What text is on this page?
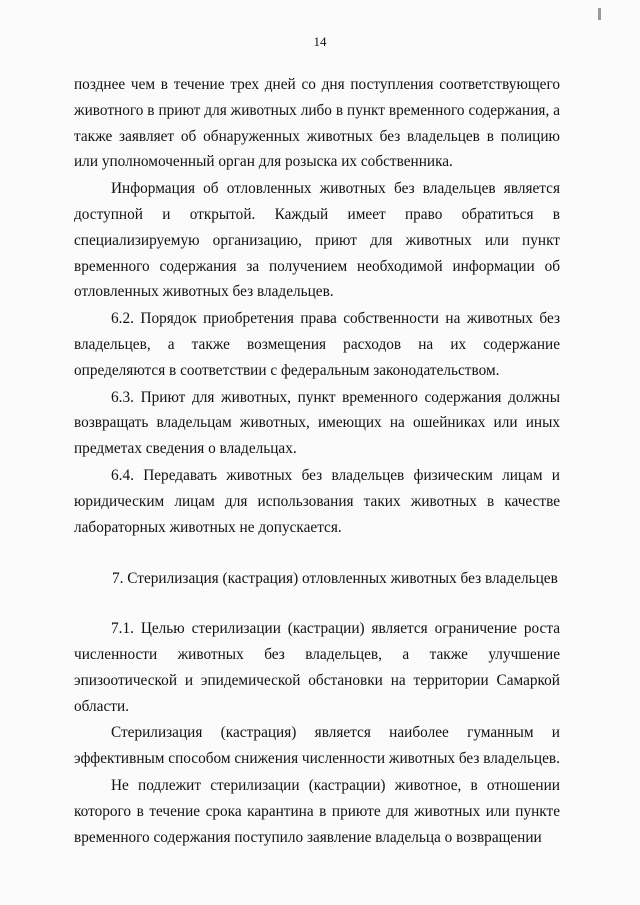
14

позднее чем в течение трех дней со дня поступления соответствующего животного в приют для животных либо в пункт временного содержания, а также заявляет об обнаруженных животных без владельцев в полицию или уполномоченный орган для розыска их собственника.

Информация об отловленных животных без владельцев является доступной и открытой. Каждый имеет право обратиться в специализируемую организацию, приют для животных или пункт временного содержания за получением необходимой информации об отловленных животных без владельцев.

6.2. Порядок приобретения права собственности на животных без владельцев, а также возмещения расходов на их содержание определяются в соответствии с федеральным законодательством.

6.3. Приют для животных, пункт временного содержания должны возвращать владельцам животных, имеющих на ошейниках или иных предметах сведения о владельцах.

6.4. Передавать животных без владельцев физическим лицам и юридическим лицам для использования таких животных в качестве лабораторных животных не допускается.

7. Стерилизация (кастрация) отловленных животных без владельцев

7.1. Целью стерилизации (кастрации) является ограничение роста численности животных без владельцев, а также улучшение эпизоотической и эпидемической обстановки на территории Самаркой области.

Стерилизация (кастрация) является наиболее гуманным и эффективным способом снижения численности животных без владельцев.

Не подлежит стерилизации (кастрации) животное, в отношении которого в течение срока карантина в приюте для животных или пункте временного содержания поступило заявление владельца о возвращении
